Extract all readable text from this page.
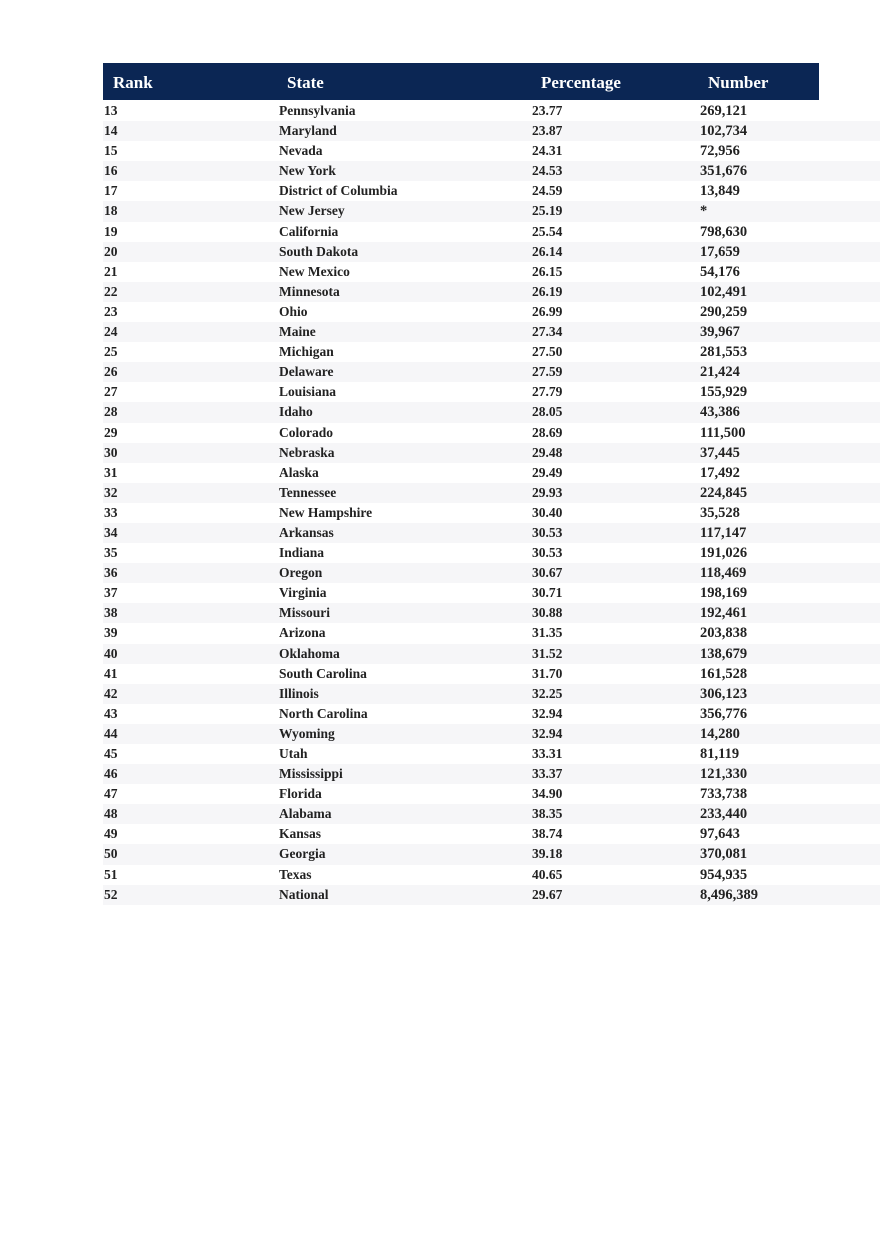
Rank	State	Percentage	Number
13	Pennsylvania	23.77	269,121
14	Maryland	23.87	102,734
15	Nevada	24.31	72,956
16	New York	24.53	351,676
17	District of Columbia	24.59	13,849
18	New Jersey	25.19	*
19	California	25.54	798,630
20	South Dakota	26.14	17,659
21	New Mexico	26.15	54,176
22	Minnesota	26.19	102,491
23	Ohio	26.99	290,259
24	Maine	27.34	39,967
25	Michigan	27.50	281,553
26	Delaware	27.59	21,424
27	Louisiana	27.79	155,929
28	Idaho	28.05	43,386
29	Colorado	28.69	111,500
30	Nebraska	29.48	37,445
31	Alaska	29.49	17,492
32	Tennessee	29.93	224,845
33	New Hampshire	30.40	35,528
34	Arkansas	30.53	117,147
35	Indiana	30.53	191,026
36	Oregon	30.67	118,469
37	Virginia	30.71	198,169
38	Missouri	30.88	192,461
39	Arizona	31.35	203,838
40	Oklahoma	31.52	138,679
41	South Carolina	31.70	161,528
42	Illinois	32.25	306,123
43	North Carolina	32.94	356,776
44	Wyoming	32.94	14,280
45	Utah	33.31	81,119
46	Mississippi	33.37	121,330
47	Florida	34.90	733,738
48	Alabama	38.35	233,440
49	Kansas	38.74	97,643
50	Georgia	39.18	370,081
51	Texas	40.65	954,935
52	National	29.67	8,496,389
